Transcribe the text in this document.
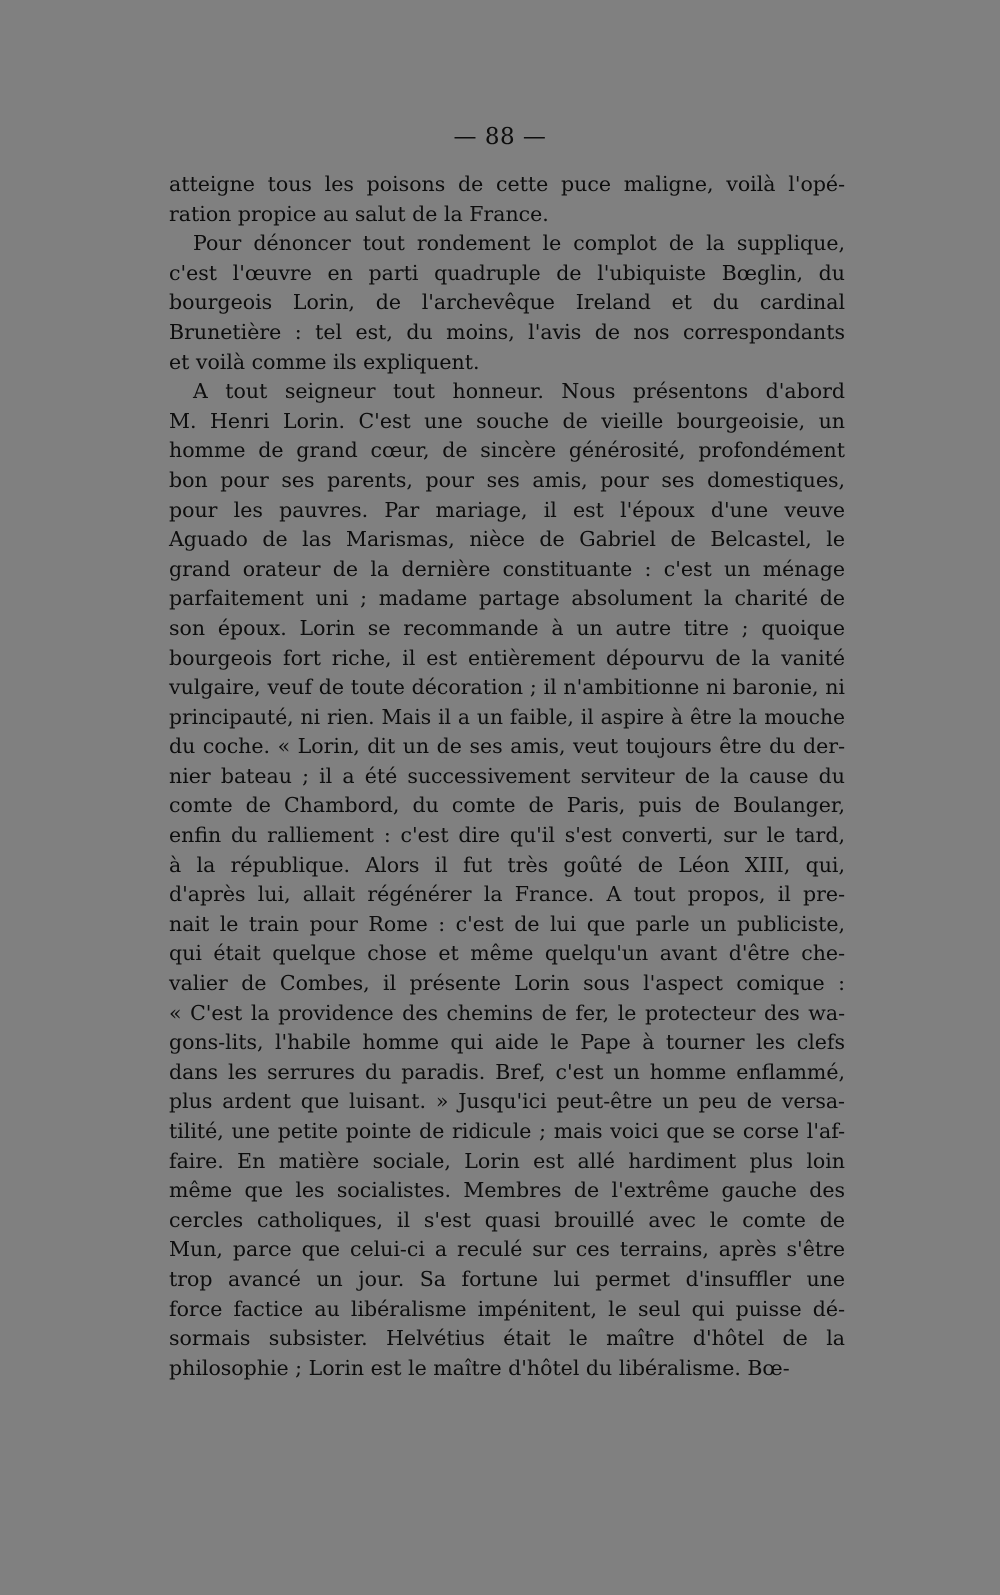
— 88 —
atteigne tous les poisons de cette puce maligne, voilà l'opé-
ration propice au salut de la France.
Pour dénoncer tout rondement le complot de la supplique,
c'est l'œuvre en parti quadruple de l'ubiquiste Bœglin, du
bourgeois Lorin, de l'archevêque Ireland et du cardinal
Brunetière : tel est, du moins, l'avis de nos correspondants
et voilà comme ils expliquent.
A tout seigneur tout honneur. Nous présentons d'abord
M. Henri Lorin. C'est une souche de vieille bourgeoisie, un
homme de grand cœur, de sincère générosité, profondément
bon pour ses parents, pour ses amis, pour ses domestiques,
pour les pauvres. Par mariage, il est l'époux d'une veuve
Aguado de las Marismas, nièce de Gabriel de Belcastel, le
grand orateur de la dernière constituante : c'est un ménage
parfaitement uni ; madame partage absolument la charité de
son époux. Lorin se recommande à un autre titre ; quoique
bourgeois fort riche, il est entièrement dépourvu de la vanité
vulgaire, veuf de toute décoration ; il n'ambitionne ni baronie, ni
principauté, ni rien. Mais il a un faible, il aspire à être la mouche
du coche. « Lorin, dit un de ses amis, veut toujours être du der-
nier bateau ; il a été successivement serviteur de la cause du
comte de Chambord, du comte de Paris, puis de Boulanger,
enfin du ralliement : c'est dire qu'il s'est converti, sur le tard,
à la république. Alors il fut très goûté de Léon XIII, qui,
d'après lui, allait régénérer la France. A tout propos, il pre-
nait le train pour Rome : c'est de lui que parle un publiciste,
qui était quelque chose et même quelqu'un avant d'être che-
valier de Combes, il présente Lorin sous l'aspect comique :
« C'est la providence des chemins de fer, le protecteur des wa-
gons-lits, l'habile homme qui aide le Pape à tourner les clefs
dans les serrures du paradis. Bref, c'est un homme enflammé,
plus ardent que luisant. » Jusqu'ici peut-être un peu de versa-
tilité, une petite pointe de ridicule ; mais voici que se corse l'af-
faire. En matière sociale, Lorin est allé hardiment plus loin
même que les socialistes. Membres de l'extrême gauche des
cercles catholiques, il s'est quasi brouillé avec le comte de
Mun, parce que celui-ci a reculé sur ces terrains, après s'être
trop avancé un jour. Sa fortune lui permet d'insuffler une
force factice au libéralisme impénitent, le seul qui puisse dé-
sormais subsister. Helvétius était le maître d'hôtel de la
philosophie ; Lorin est le maître d'hôtel du libéralisme. Bœ-
